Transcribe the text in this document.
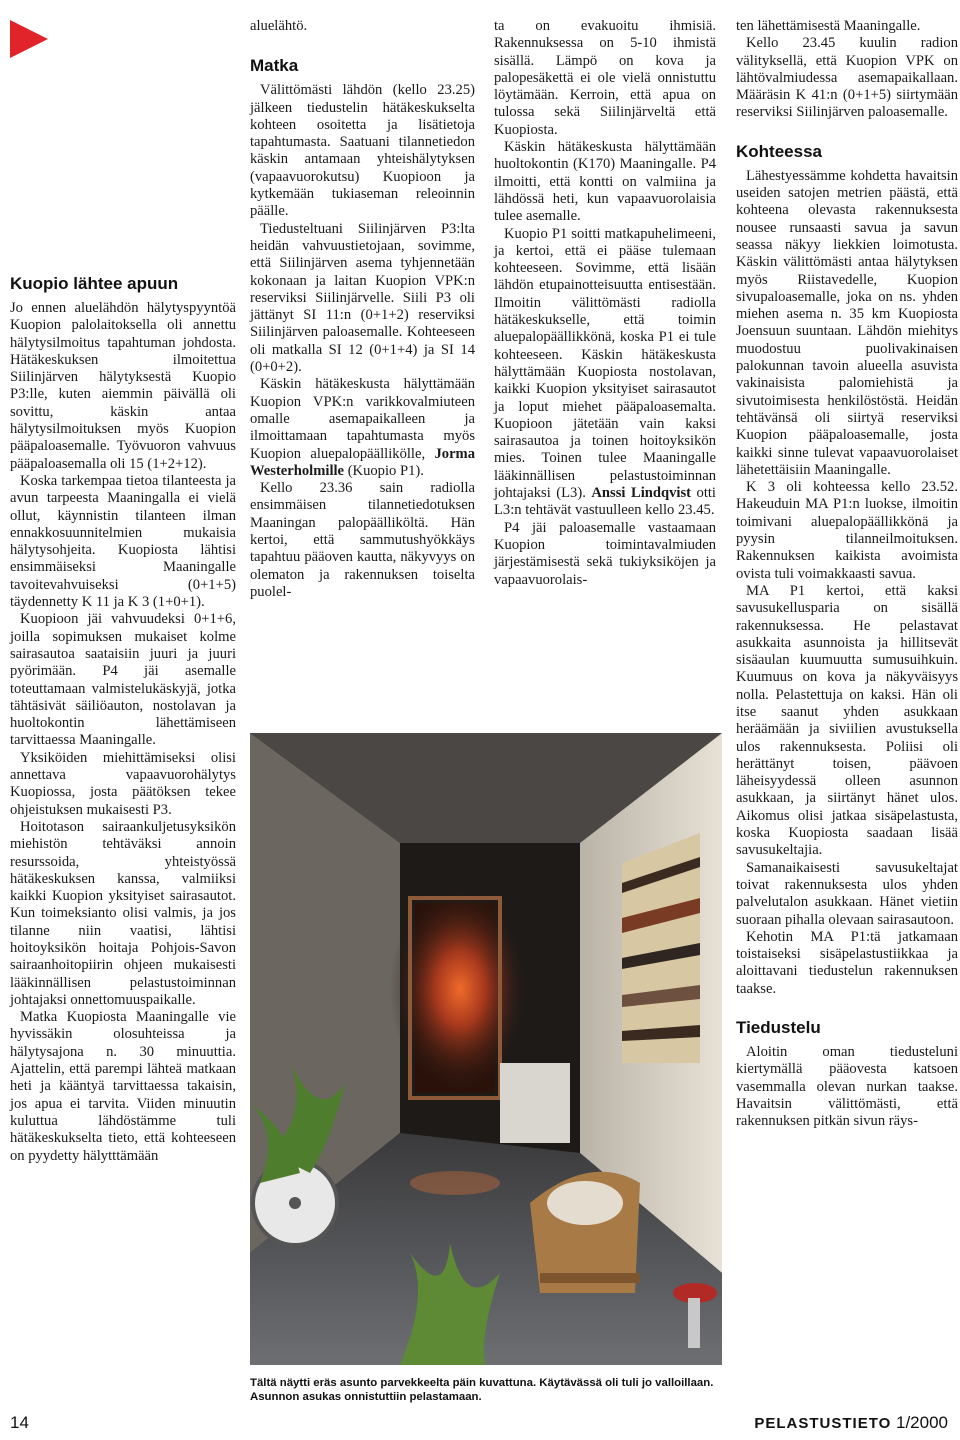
Kuopio lähtee apuun

Jo ennen aluelähdön hälytyspyyntöä Kuopion palolaitoksella oli annettu hälytysilmoitus tapahtuman johdosta. Hätäkeskuksen ilmoitettua Siilinjärven hälytyksestä Kuopio P3:lle, kuten aiemmin päivällä oli sovittu, käskin antaa hälytysilmoituksen myös Kuopion pääpaloasemalle. Työvuoron vahvuus pääpaloasemalla oli 15 (1+2+12).

Koska tarkempaa tietoa tilanteesta ja avun tarpeesta Maaningalla ei vielä ollut, käynnistin tilanteen ilman ennakkosuunnitelmien mukaisia hälytysohjeita. Kuopiosta lähtisi ensimmäiseksi Maaningalle tavoitevahvuiseksi (0+1+5) täydennetty K 11 ja K 3 (1+0+1).

Kuopioon jäi vahvuudeksi 0+1+6, joilla sopimuksen mukaiset kolme sairasautoa saataisiin juuri ja juuri pyörimään. P4 jäi asemalle toteuttamaan valmistelukäskyjä, jotka tähtäsivät säiliöauton, nostolavan ja huoltokontin lähettämiseen tarvittaessa Maaningalle.

Yksiköiden miehittämiseksi olisi annettava vapaavuorohälytys Kuopiossa, josta päätöksen tekee ohjeistuksen mukaisesti P3.

Hoitotason sairaankuljetusyksikön miehistön tehtäväksi annoin resurssoida, yhteistyössä hätäkeskuksen kanssa, valmiiksi kaikki Kuopion yksityiset sairasautot. Kun toimeksianto olisi valmis, ja jos tilanne niin vaatisi, lähtisi hoitoyksikön hoitaja Pohjois-Savon sairaanhoitopiirin ohjeen mukaisesti lääkinnällisen pelastustoiminnan johtajaksi onnettomuuspaikalle.

Matka Kuopiosta Maaningalle vie hyvissäkin olosuhteissa ja hälytysajona n. 30 minuuttia. Ajattelin, että parempi lähteä matkaan heti ja kääntyä tarvittaessa takaisin, jos apua ei tarvita. Viiden minuutin kuluttua lähdöstämme tuli hätäkeskukselta tieto, että kohteeseen on pyydetty hälytttämään

aluelähtö.

Matka

Välittömästi lähdön (kello 23.25) jälkeen tiedustelin hätäkeskukselta kohteen osoitetta ja lisätietoja tapahtumasta. Saatuani tilannetiedon käskin antamaan yhteishälytyksen (vapaavuorokutsu) Kuopioon ja kytkemään tukiaseman releoinnin päälle.

Tiedusteltuani Siilinjärven P3:lta heidän vahvuustietojaan, sovimme, että Siilinjärven asema tyhjennetään kokonaan ja laitan Kuopion VPK:n reserviksi Siilinjärvelle. Siili P3 oli jättänyt SI 11:n (0+1+2) reserviksi Siilinjärven paloasemalle. Kohteeseen oli matkalla SI 12 (0+1+4) ja SI 14 (0+0+2).

Käskin hätäkeskusta hälyttämään Kuopion VPK:n varikkovalmiuteen omalle asemapaikalleen ja ilmoittamaan tapahtumasta myös Kuopion aluepalopäällikölle, Jorma Westerholmille (Kuopio P1).

Kello 23.36 sain radiolla ensimmäisen tilannetiedotuksen Maaningan palopäälliköltä. Hän kertoi, että sammutushyökkäys tapahtuu pääoven kautta, näkyvyys on olematon ja rakennuksen toiselta puolel-

ta on evakuoitu ihmisiä. Rakennuksessa on 5-10 ihmistä sisällä. Lämpö on kova ja palopesäkettä ei ole vielä onnistuttu löytämään. Kerroin, että apua on tulossa sekä Siilinjärveltä että Kuopiosta.

Käskin hätäkeskusta hälyttämään huoltokontin (K170) Maaningalle. P4 ilmoitti, että kontti on valmiina ja lähdössä heti, kun vapaavuorolaisia tulee asemalle.

Kuopio P1 soitti matkapuhelimeeni, ja kertoi, että ei pääse tulemaan kohteeseen. Sovimme, että lisään lähdön etupainotteisuutta entisestään. Ilmoitin välittömästi radiolla hätäkeskukselle, että toimin aluepalopäällikkönä, koska P1 ei tule kohteeseen. Käskin hätäkeskusta hälyttämään Kuopiosta nostolavan, kaikki Kuopion yksityiset sairasautot ja loput miehet pääpaloasemalta. Kuopioon jätetään vain kaksi sairasautoa ja toinen hoitoyksikön mies. Toinen tulee Maaningalle lääkinnällisen pelastustoiminnan johtajaksi (L3). Anssi Lindqvist otti L3:n tehtävät vastuulleen kello 23.45.

P4 jäi paloasemalle vastaamaan Kuopion toimintavalmiuden järjestämisestä sekä tukiyksiköjen ja vapaavuorolais-

ten lähettämisestä Maaningalle.

Kello 23.45 kuulin radion välityksellä, että Kuopion VPK on lähtövalmiudessa asemapaikallaan. Määräsin K 41:n (0+1+5) siirtymään reserviksi Siilinjärven paloasemalle.

Kohteessa

Lähestyessämme kohdetta havaitsin useiden satojen metrien päästä, että kohteena olevasta rakennuksesta nousee runsaasti savua ja savun seassa näkyy liekkien loimotusta. Käskin välittömästi antaa hälytyksen myös Riistavedelle, Kuopion sivupaloasemalle, joka on ns. yhden miehen asema n. 35 km Kuopiosta Joensuun suuntaan. Lähdön miehitys muodostuu puolivakinaisen palokunnan tavoin alueella asuvista vakinaisista palomiehistä ja sivutoimisesta henkilöstöstä. Heidän tehtävänsä oli siirtyä reserviksi Kuopion pääpaloasemalle, josta kaikki sinne tulevat vapaavuorolaiset lähetettäisiin Maaningalle.

K 3 oli kohteessa kello 23.52. Hakeuduin MA P1:n luokse, ilmoitin toimivani aluepalopäällikkönä ja pyysin tilanneilmoituksen. Rakennuksen kaikista avoimista ovista tuli voimakkaasti savua.

MA P1 kertoi, että kaksi savusukellusparia on sisällä rakennuksessa. He pelastavat asukkaita asunnoista ja hillitsevät sisäaulan kuumuutta sumusuihkuin. Kuumuus on kova ja näkyväisyys nolla. Pelastettuja on kaksi. Hän oli itse saanut yhden asukkaan heräämään ja siviilien avustuksella ulos rakennuksesta. Poliisi oli herättänyt toisen, päävoen läheisyydessä olleen asunnon asukkaan, ja siirtänyt hänet ulos. Aikomus olisi jatkaa sisäpelastusta, koska Kuopiosta saadaan lisää savusukeltajia.

Samanaikaisesti savusukeltajat toivat rakennuksesta ulos yhden palvelutalon asukkaan. Hänet vietiin suoraan pihalla olevaan sairasautoon.

Kehotin MA P1:tä jatkamaan toistaiseksi sisäpelastustiikkaa ja aloittavani tiedustelun rakennuksen taakse.

Tiedustelu

Aloitin oman tiedusteluni kiertymällä pääovesta katsoen vasemmalla olevan nurkan taakse. Havaitsin välittömästi, että rakennuksen pitkän sivun räys-

Tältä näytti eräs asunto parvekkeelta päin kuvattuna. Käytävässä oli tuli jo valloillaan. Asunnon asukas onnistuttiin pelastamaan.
14	PELASTUSTIETO 1/2000
